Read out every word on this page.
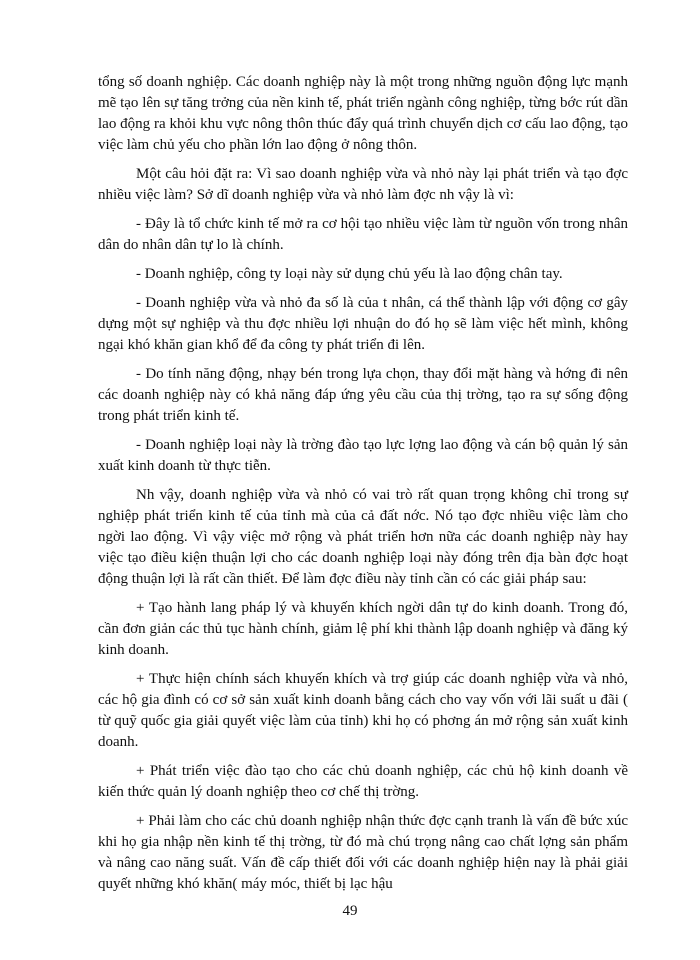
tổng số doanh nghiệp. Các doanh nghiệp này là một trong những nguồn động lực mạnh mẽ tạo lên sự tăng trởng của nền kinh tế, phát triển ngành công nghiệp, từng bớc rút dần lao động ra khỏi khu vực nông thôn thúc đẩy quá trình chuyển dịch cơ cấu lao động, tạo việc làm chủ yếu cho phần lớn lao động ở nông thôn.

Một câu hỏi đặt ra: Vì sao doanh nghiệp vừa và nhỏ này lại phát triển và tạo đợc nhiều việc làm? Sở dĩ doanh nghiệp vừa và nhỏ làm đợc nh vậy là vì:

- Đây là tổ chức kinh tế mở ra cơ hội tạo nhiều việc làm từ nguồn vốn trong nhân dân do nhân dân tự lo là chính.

- Doanh nghiệp, công ty loại này sử dụng chủ yếu là lao động chân tay.

- Doanh nghiệp vừa và nhỏ đa số là của t nhân, cá thể thành lập với động cơ gây dựng một sự nghiệp và thu đợc nhiều lợi nhuận do đó họ sẽ làm việc hết mình, không ngại khó khăn gian khổ để đa công ty phát triển đi lên.

- Do tính năng động, nhạy bén trong lựa chọn, thay đổi mặt hàng và hớng đi nên các doanh nghiệp này có khả năng đáp ứng yêu cầu của thị trờng, tạo ra sự sống động trong phát triển kinh tế.

- Doanh nghiệp loại này là trờng đào tạo lực lợng lao động và cán bộ quản lý sản xuất kinh doanh từ thực tiễn.

Nh vậy, doanh nghiệp vừa và nhỏ có vai trò rất quan trọng không chỉ trong sự nghiệp phát triển kinh tế của tỉnh mà của cả đất nớc. Nó tạo đợc nhiều việc làm cho ngời lao động. Vì vậy việc mở rộng và phát triển hơn nữa các doanh nghiệp này hay việc tạo điều kiện thuận lợi cho các doanh nghiệp loại này đóng trên địa bàn đợc hoạt động thuận lợi là rất cần thiết. Để làm đợc điều này tỉnh cần có các giải pháp sau:

+ Tạo hành lang pháp lý và khuyến khích ngời dân tự do kinh doanh. Trong đó, cần đơn giản các thủ tục hành chính, giảm lệ phí khi thành lập doanh nghiệp và đăng ký kinh doanh.

+ Thực hiện chính sách khuyến khích và trợ giúp các doanh nghiệp vừa và nhỏ, các hộ gia đình có cơ sở sản xuất kinh doanh bằng cách cho vay vốn với lãi suất u đãi ( từ quỹ quốc gia giải quyết việc làm của tỉnh) khi họ có phơng án mở rộng sản xuất kinh doanh.

+ Phát triển việc đào tạo cho các chủ doanh nghiệp, các chủ hộ kinh doanh về kiến thức quản lý doanh nghiệp theo cơ chế thị trờng.

+ Phải làm cho các chủ doanh nghiệp nhận thức đợc cạnh tranh là vấn đề bức xúc khi họ gia nhập nền kinh tế thị trờng, từ đó mà chú trọng nâng cao chất lợng sản phẩm và nâng cao năng suất. Vấn đề cấp thiết đối với các doanh nghiệp hiện nay là phải giải quyết những khó khăn( máy móc, thiết bị lạc hậu

49
